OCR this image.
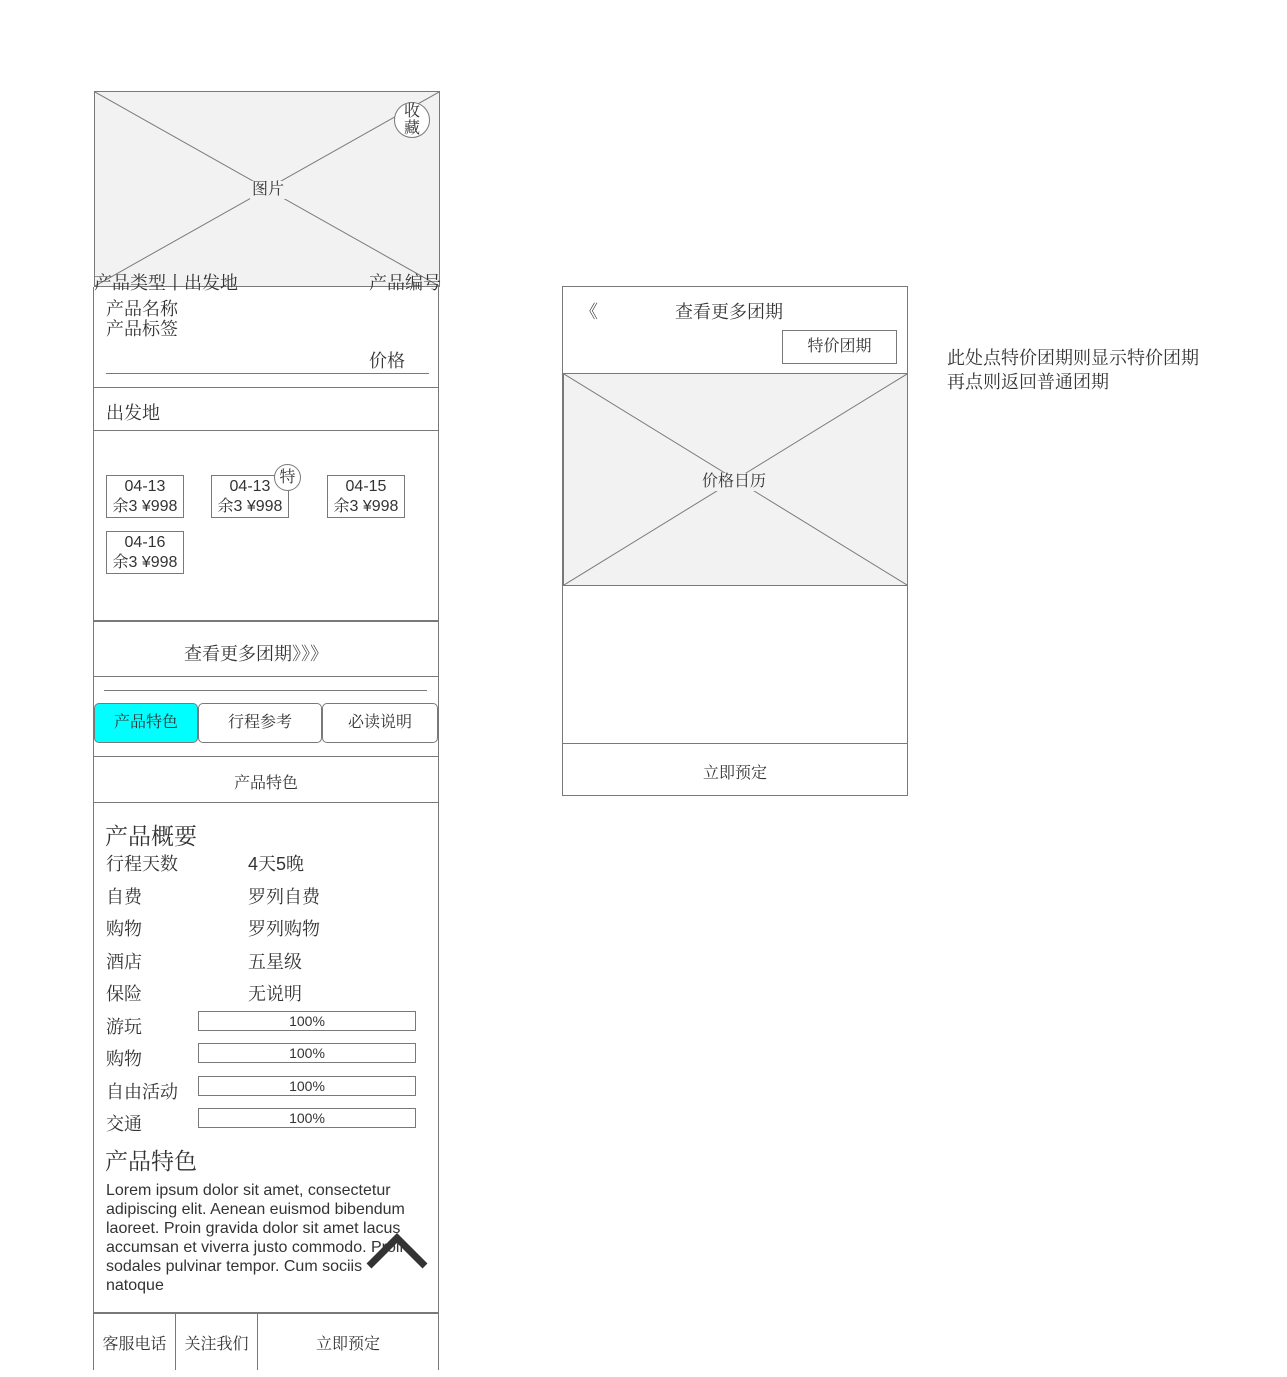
图片
收藏
产品类型丨出发地	产品编号
产品名称
产品标签
价格
出发地
04-13
余3 ¥998
04-13
余3 ¥998
特
04-15
余3 ¥998
04-16
余3 ¥998
查看更多团期》》》
产品特色	行程参考	必读说明
产品特色
产品概要
行程天数	4天5晚
自费	罗列自费
购物	罗列购物
酒店	五星级
保险	无说明
游玩	100%
购物	100%
自由活动	100%
交通	100%
产品特色
Lorem ipsum dolor sit amet, consectetur adipiscing elit. Aenean euismod bibendum laoreet. Proin gravida dolor sit amet lacus accumsan et viverra justo commodo. Proin sodales pulvinar tempor. Cum sociis natoque
客服电话	关注我们	立即预定
《	查看更多团期
特价团期
价格日历
立即预定
此处点特价团期则显示特价团期
再点则返回普通团期
